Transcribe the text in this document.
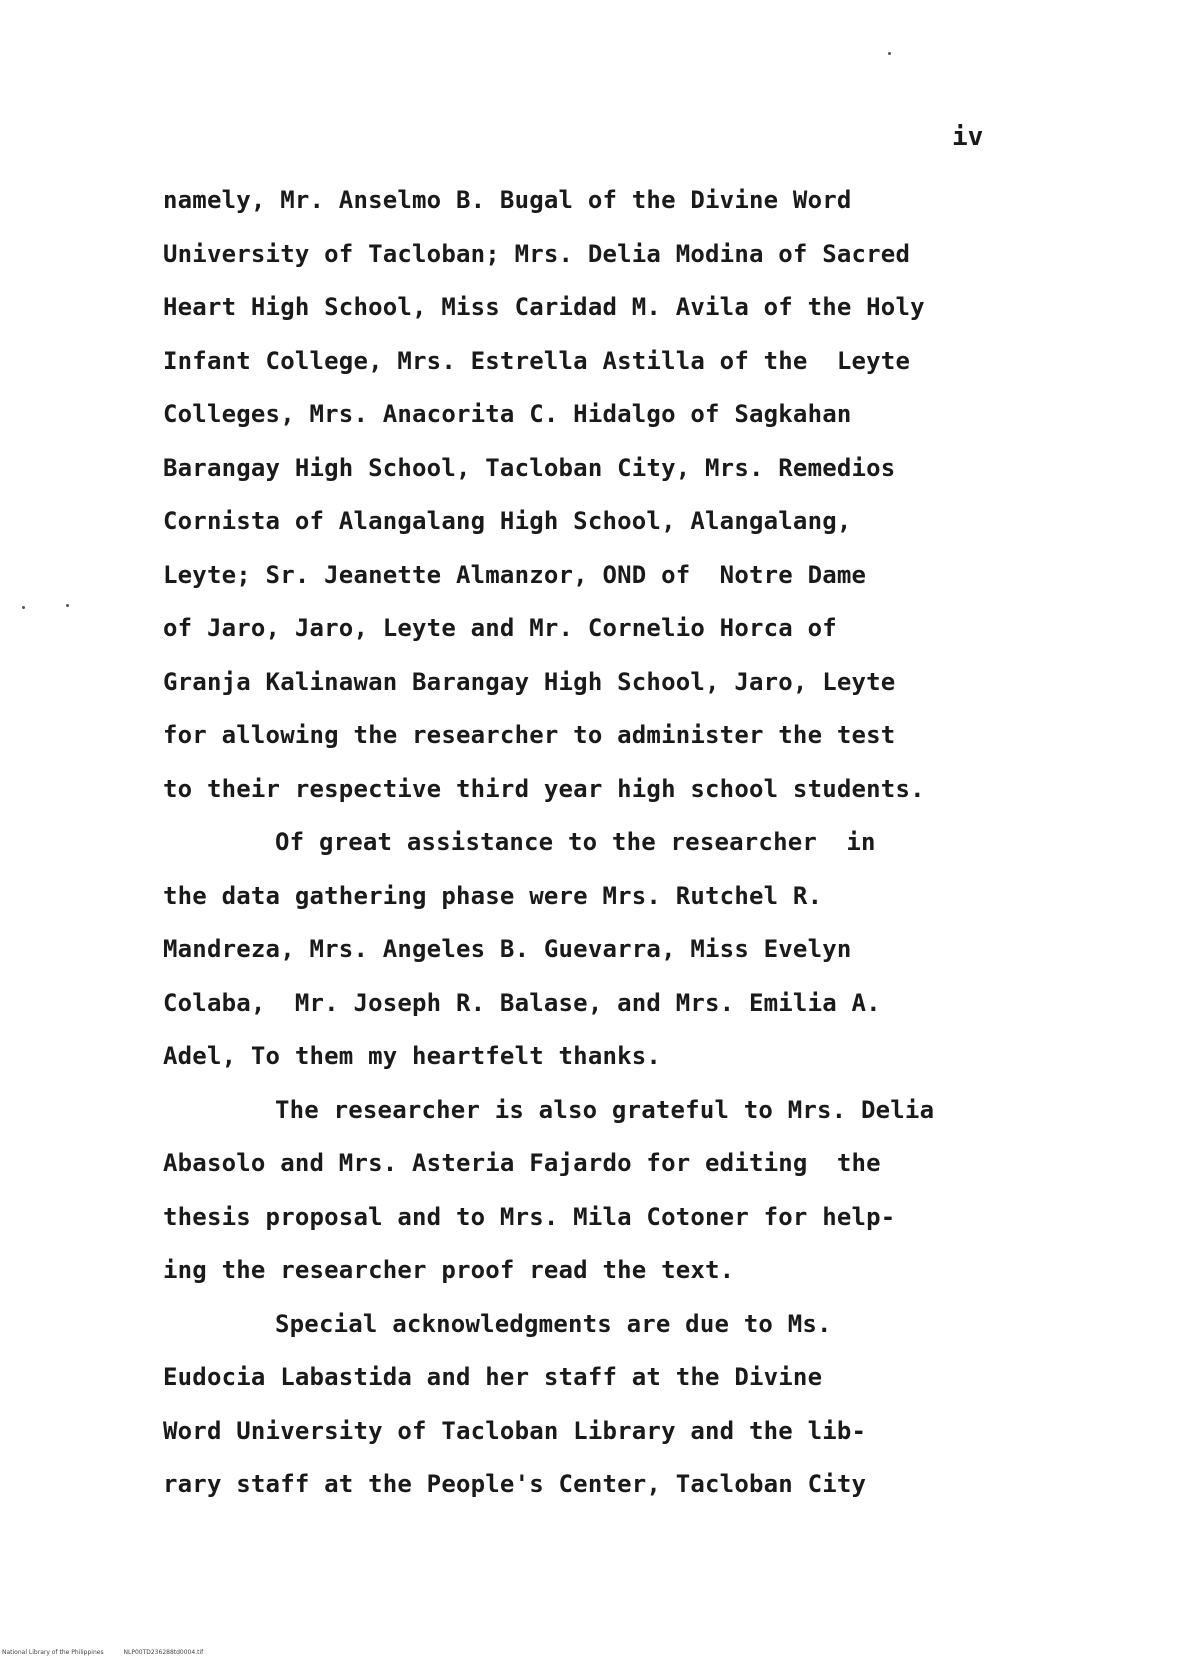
iv
namely, Mr. Anselmo B. Bugal of the Divine Word
University of Tacloban; Mrs. Delia Modina of Sacred
Heart High School, Miss Caridad M. Avila of the Holy
Infant College, Mrs. Estrella Astilla of the  Leyte
Colleges, Mrs. Anacorita C. Hidalgo of Sagkahan
Barangay High School, Tacloban City, Mrs. Remedios
Cornista of Alangalang High School, Alangalang,
Leyte; Sr. Jeanette Almanzor, OND of  Notre Dame
of Jaro, Jaro, Leyte and Mr. Cornelio Horca of
Granja Kalinawan Barangay High School, Jaro, Leyte
for allowing the researcher to administer the test
to their respective third year high school students.
Of great assistance to the researcher  in
the data gathering phase were Mrs. Rutchel R.
Mandreza, Mrs. Angeles B. Guevarra, Miss Evelyn
Colaba,  Mr. Joseph R. Balase, and Mrs. Emilia A.
Adel, To them my heartfelt thanks.
The researcher is also grateful to Mrs. Delia
Abasolo and Mrs. Asteria Fajardo for editing  the
thesis proposal and to Mrs. Mila Cotoner for help-
ing the researcher proof read the text.
Special acknowledgments are due to Ms.
Eudocia Labastida and her staff at the Divine
Word University of Tacloban Library and the lib-
rary staff at the People's Center, Tacloban City
National Library of the Philippines	NLP00TD236288td0004.tif
